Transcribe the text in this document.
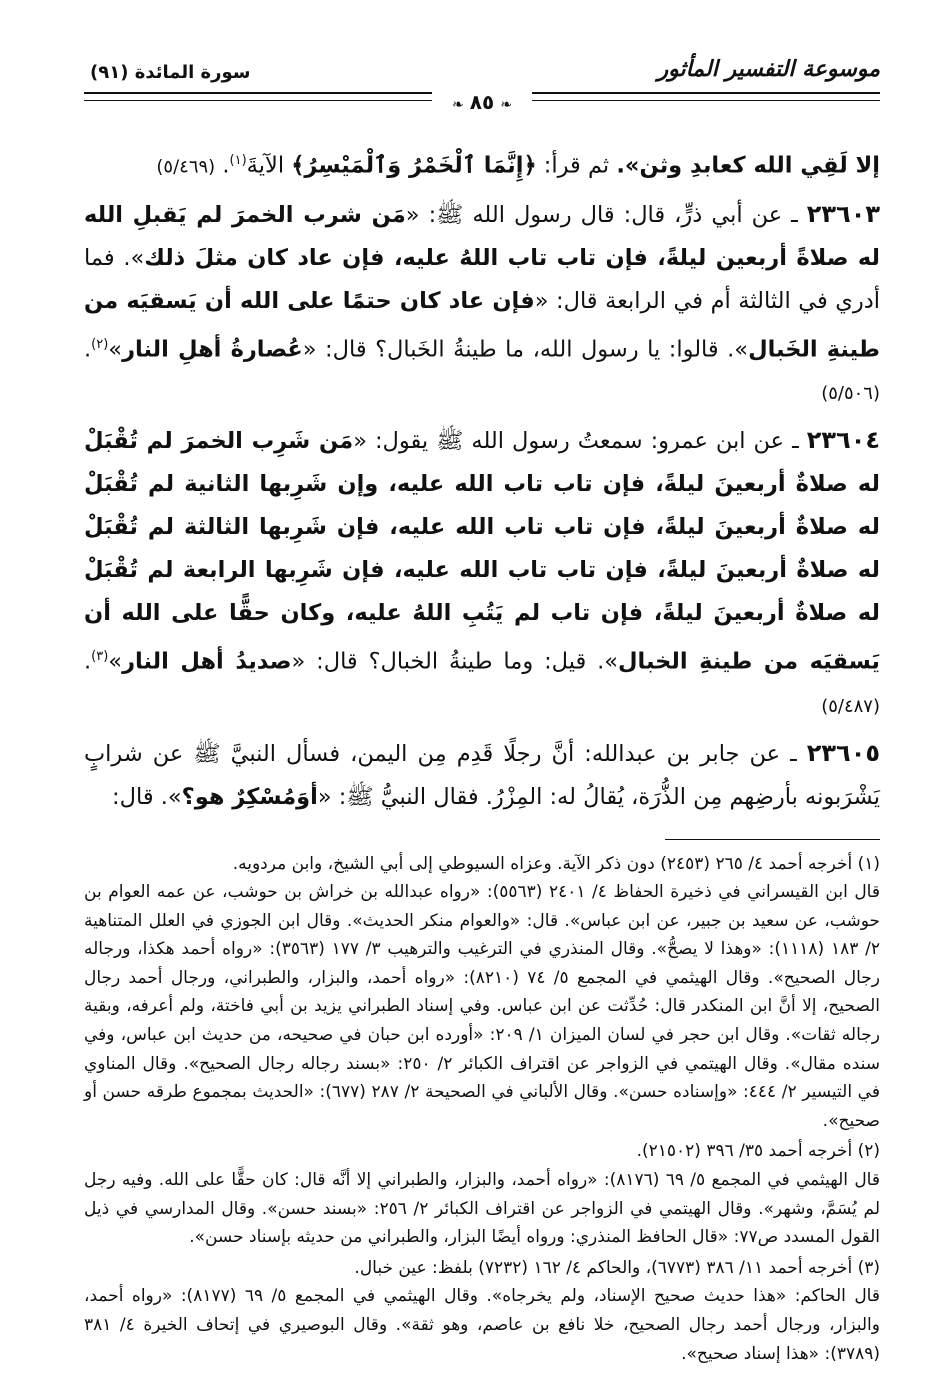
موسوعة التفسير المأثور
سورة المائدة (٩١)
❧ ٨٥ ❧

إلا لَقِي الله كعابدِ وثن». ثم قرأ: ﴿إِنَّمَا ٱلْخَمْرُ وَٱلْمَيْسِرُ﴾ الآيةَ$^{(١)}$. (٥/٤٦٩)

٢٣٦٠٣ ـ عن أبي ذرٍّ، قال: قال رسول الله ﷺ: «مَن شرب الخمرَ لم يَقبلِ الله له صلاةً أربعين ليلةً، فإن تاب تاب اللهُ عليه، فإن عاد كان مثلَ ذلك». فما أدري في الثالثة أم في الرابعة قال: «فإن عاد كان حتمًا على الله أن يَسقيَه من طينةِ الخَبال». قالوا: يا رسول الله، ما طينةُ الخَبال؟ قال: «عُصارةُ أهلِ النار»$^{(٢)}$. (٥/٥٠٦)

٢٣٦٠٤ ـ عن ابن عمرو: سمعتُ رسول الله ﷺ يقول: «مَن شَرِب الخمرَ لم تُقْبَلْ له صلاةٌ أربعينَ ليلةً، فإن تاب تاب الله عليه، وإن شَرِبها الثانية لم تُقْبَلْ له صلاةٌ أربعينَ ليلةً، فإن تاب تاب الله عليه، فإن شَرِبها الثالثة لم تُقْبَلْ له صلاةٌ أربعينَ ليلةً، فإن تاب تاب الله عليه، فإن شَرِبها الرابعة لم تُقْبَلْ له صلاةٌ أربعينَ ليلةً، فإن تاب لم يَتُبِ اللهُ عليه، وكان حقًّا على الله أن يَسقيَه من طينةِ الخبال». قيل: وما طينةُ الخبال؟ قال: «صديدُ أهل النار»$^{(٣)}$. (٥/٤٨٧)

٢٣٦٠٥ ـ عن جابر بن عبدالله: أنَّ رجلًا قَدِم مِن اليمن، فسأل النبيَّ ﷺ عن شرابٍ يَشْرَبونه بأرضِهم مِن الذُّرَة، يُقالُ له: المِزْرُ. فقال النبيُّ ﷺ: «أوَمُسْكِرٌ هو؟». قال:

(١) أخرجه أحمد ٤/ ٢٦٥ (٢٤٥٣) دون ذكر الآية. وعزاه السيوطي إلى أبي الشيخ، وابن مردويه.

قال ابن القيسراني في ذخيرة الحفاظ ٤/ ٢٤٠١ (٥٥٦٣): «رواه عبدالله بن خراش بن حوشب، عن عمه العوام بن حوشب، عن سعيد بن جبير، عن ابن عباس». قال: «والعوام منكر الحديث». وقال ابن الجوزي في العلل المتناهية ٢/ ١٨٣ (١١١٨): «وهذا لا يصحُّ». وقال المنذري في الترغيب والترهيب ٣/ ١٧٧ (٣٥٦٣): «رواه أحمد هكذا، ورجاله رجال الصحيح». وقال الهيثمي في المجمع ٥/ ٧٤ (٨٢١٠): «رواه أحمد، والبزار، والطبراني، ورجال أحمد رجال الصحيح، إلا أنَّ ابن المنكدر قال: حُدِّثت عن ابن عباس. وفي إسناد الطبراني يزيد بن أبي فاختة، ولم أعرفه، وبقية رجاله ثقات». وقال ابن حجر في لسان الميزان ١/ ٢٠٩: «أورده ابن حبان في صحيحه، من حديث ابن عباس، وفي سنده مقال». وقال الهيتمي في الزواجر عن اقتراف الكبائر ٢/ ٢٥٠: «بسند رجاله رجال الصحيح». وقال المناوي في التيسير ٢/ ٤٤٤: «وإسناده حسن». وقال الألباني في الصحيحة ٢/ ٢٨٧ (٦٧٧): «الحديث بمجموع طرقه حسن أو صحيح».

(٢) أخرجه أحمد ٣٥/ ٣٩٦ (٢١٥٠٢).

قال الهيثمي في المجمع ٥/ ٦٩ (٨١٧٦): «رواه أحمد، والبزار، والطبراني إلا أنَّه قال: كان حقًّا على الله. وفيه رجل لم يُسَمَّ، وشهر». وقال الهيتمي في الزواجر عن اقتراف الكبائر ٢/ ٢٥٦: «بسند حسن». وقال المدارسي في ذيل القول المسدد ص٧٧: «قال الحافظ المنذري: ورواه أيضًا البزار، والطبراني من حديثه بإسناد حسن».

(٣) أخرجه أحمد ١١/ ٣٨٦ (٦٧٧٣)، والحاكم ٤/ ١٦٢ (٧٢٣٢) بلفظ: عين خبال.

قال الحاكم: «هذا حديث صحيح الإسناد، ولم يخرجاه». وقال الهيثمي في المجمع ٥/ ٦٩ (٨١٧٧): «رواه أحمد، والبزار، ورجال أحمد رجال الصحيح، خلا نافع بن عاصم، وهو ثقة». وقال البوصيري في إتحاف الخيرة ٤/ ٣٨١ (٣٧٨٩): «هذا إسناد صحيح».
